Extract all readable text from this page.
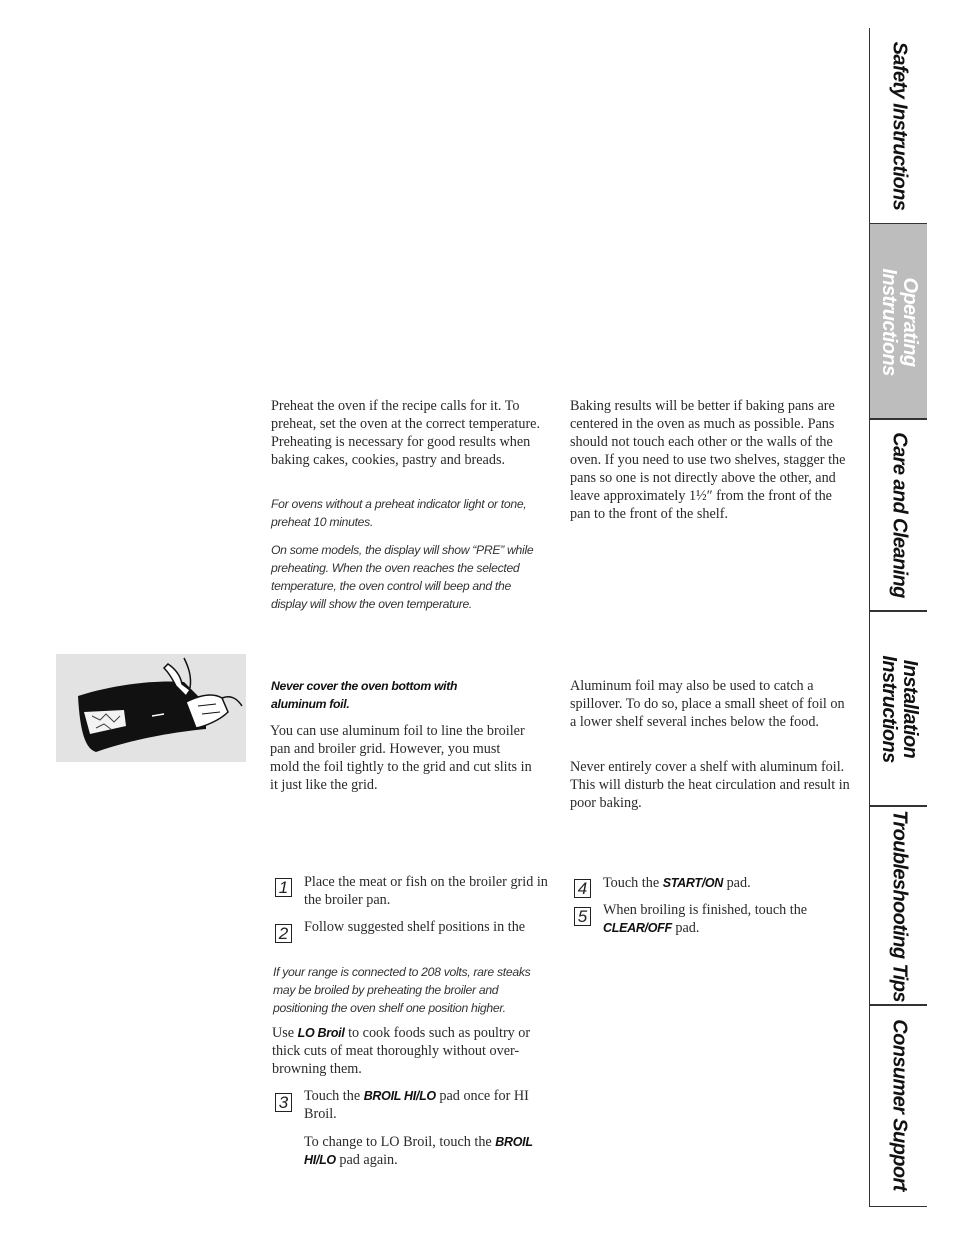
Preheat the oven if the recipe calls for it. To preheat, set the oven at the correct temperature. Preheating is necessary for good results when baking cakes, cookies, pastry and breads.
For ovens without a preheat indicator light or tone, preheat 10 minutes.
On some models, the display will show “PRE” while preheating. When the oven reaches the selected temperature, the oven control will beep and the display will show the oven temperature.
Baking results will be better if baking pans are centered in the oven as much as possible. Pans should not touch each other or the walls of the oven. If you need to use two shelves, stagger the pans so one is not directly above the other, and leave approximately 1½″ from the front of the pan to the front of the shelf.
Never cover the oven bottom with aluminum foil.
You can use aluminum foil to line the broiler pan and broiler grid. However, you must mold the foil tightly to the grid and cut slits in it just like the grid.
Aluminum foil may also be used to catch a spillover. To do so, place a small sheet of foil on a lower shelf several inches below the food.
Never entirely cover a shelf with aluminum foil. This will disturb the heat circulation and result in poor baking.
1 Place the meat or fish on the broiler grid in the broiler pan.
2 Follow suggested shelf positions in the
If your range is connected to 208 volts, rare steaks may be broiled by preheating the broiler and positioning the oven shelf one position higher.
Use LO Broil to cook foods such as poultry or thick cuts of meat thoroughly without over-browning them.
3 Touch the BROIL HI/LO pad once for HI Broil.
To change to LO Broil, touch the BROIL HI/LO pad again.
4 Touch the START/ON pad.
5 When broiling is finished, touch the CLEAR/OFF pad.
Safety Instructions
Operating
Instructions
Care and Cleaning
Installation
Instructions
Troubleshooting Tips
Consumer Support
